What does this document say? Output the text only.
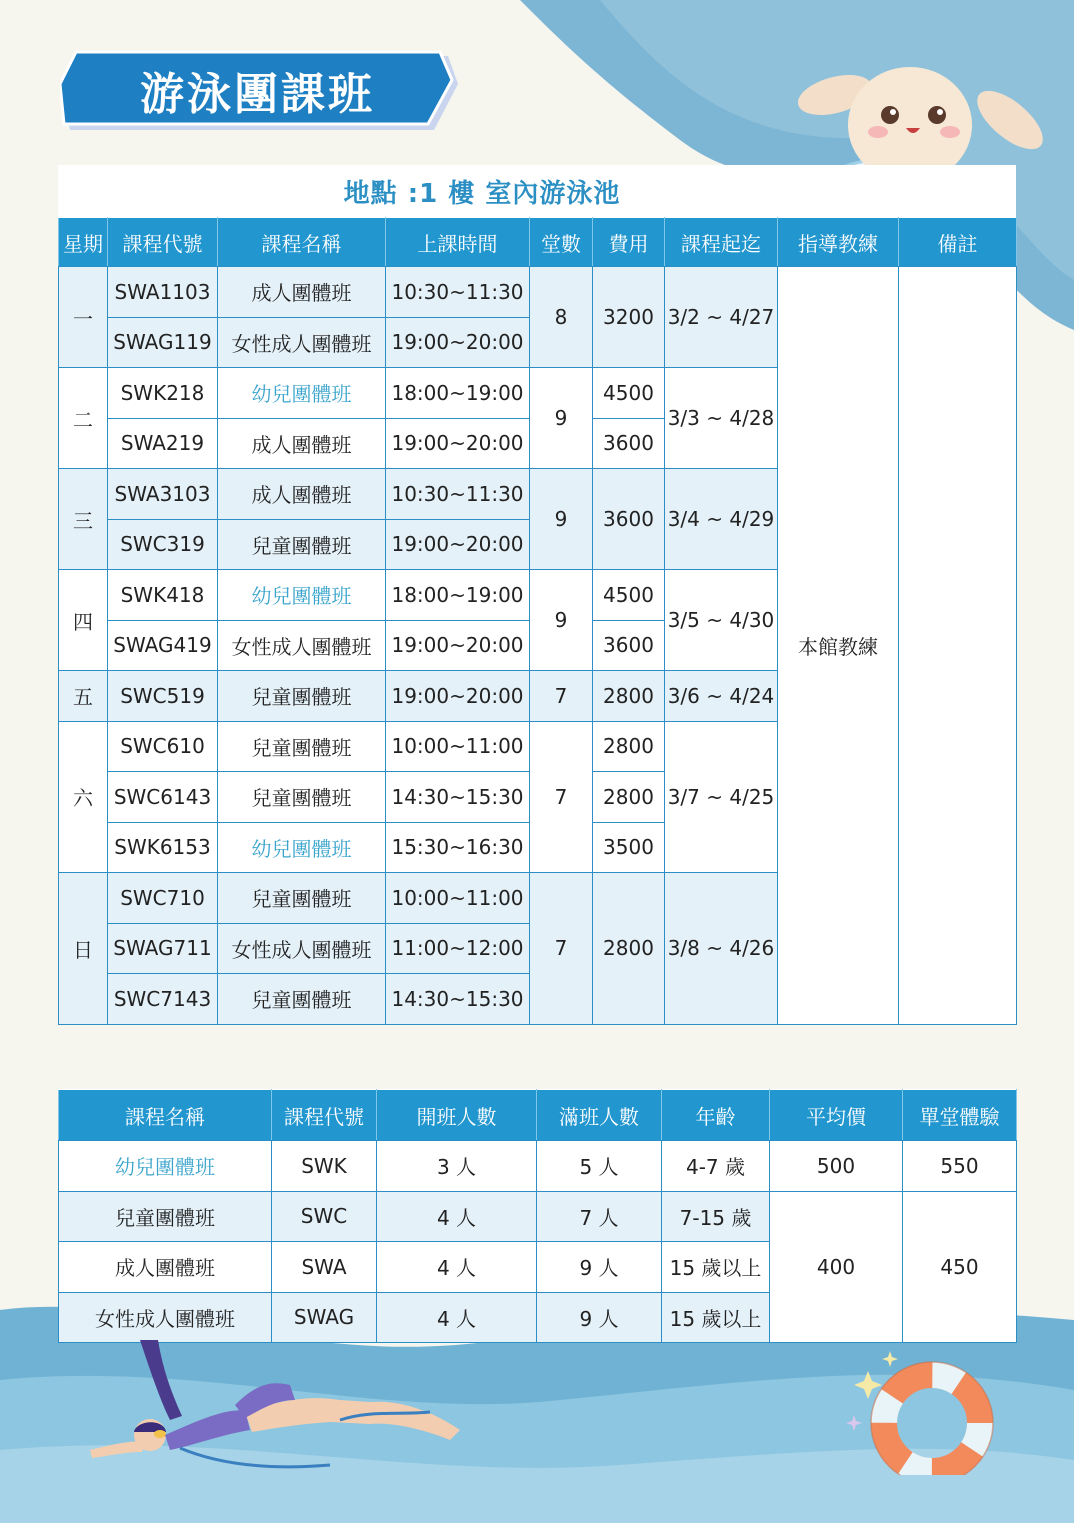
游泳團課班
地點 :1 樓 室內游泳池
星期	課程代號	課程名稱	上課時間	堂數	費用	課程起迄	指導教練	備註
一	SWA1103	成人團體班	10:30~11:30	8	3200	3/2 ~ 4/27	本館教練	
	SWAG119	女性成人團體班	19:00~20:00					
二	SWK218	幼兒團體班	18:00~19:00	9	4500	3/3 ~ 4/28		
	SWA219	成人團體班	19:00~20:00		3600			
三	SWA3103	成人團體班	10:30~11:30	9	3600	3/4 ~ 4/29		
	SWC319	兒童團體班	19:00~20:00					
四	SWK418	幼兒團體班	18:00~19:00	9	4500	3/5 ~ 4/30		
	SWAG419	女性成人團體班	19:00~20:00		3600			
五	SWC519	兒童團體班	19:00~20:00	7	2800	3/6 ~ 4/24		
六	SWC610	兒童團體班	10:00~11:00	7	2800	3/7 ~ 4/25		
	SWC6143	兒童團體班	14:30~15:30		2800			
	SWK6153	幼兒團體班	15:30~16:30		3500			
日	SWC710	兒童團體班	10:00~11:00	7	2800	3/8 ~ 4/26		
	SWAG711	女性成人團體班	11:00~12:00					
	SWC7143	兒童團體班	14:30~15:30					
課程名稱	課程代號	開班人數	滿班人數	年齡	平均價	單堂體驗
幼兒團體班	SWK	3 人	5 人	4-7 歲	500	550
兒童團體班	SWC	4 人	7 人	7-15 歲	400	450
成人團體班	SWA	4 人	9 人	15 歲以上		
女性成人團體班	SWAG	4 人	9 人	15 歲以上		
